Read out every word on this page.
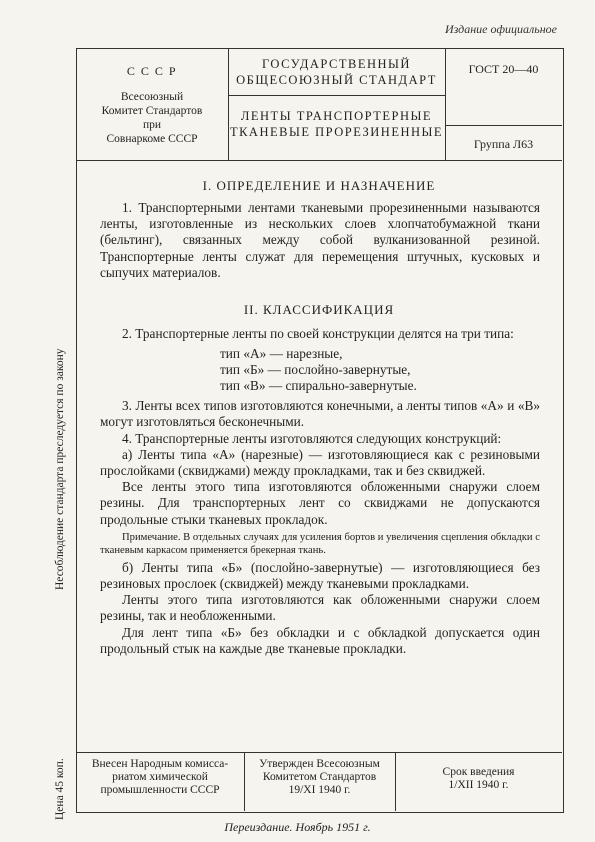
Издание официальное
С С С Р
Всесоюзный
Комитет Стандартов
при
Совнаркоме СССР
ГОСУДАРСТВЕННЫЙ
ОБЩЕСОЮЗНЫЙ СТАНДАРТ
ЛЕНТЫ ТРАНСПОРТЕРНЫЕ
ТКАНЕВЫЕ ПРОРЕЗИНЕННЫЕ
ГОСТ 20—40
Группа Л63
I. ОПРЕДЕЛЕНИЕ И НАЗНАЧЕНИЕ

1. Транспортерными лентами тканевыми прорезиненными называются ленты, изготовленные из нескольких слоев хлопчатобумажной ткани (бельтинг), связанных между собой вулканизованной резиной. Транспортерные ленты служат для перемещения штучных, кусковых и сыпучих материалов.

II. КЛАССИФИКАЦИЯ

2. Транспортерные ленты по своей конструкции делятся на три типа:

тип «А» — нарезные,
тип «Б» — послойно-завернутые,
тип «В» — спирально-завернутые.

3. Ленты всех типов изготовляются конечными, а ленты типов «А» и «В» могут изготовляться бесконечными.

4. Транспортерные ленты изготовляются следующих конструкций:

а) Ленты типа «А» (нарезные) — изготовляющиеся как с резиновыми прослойками (сквиджами) между прокладками, так и без сквиджей.

Все ленты этого типа изготовляются обложенными снаружи слоем резины. Для транспортерных лент со сквиджами не допускаются продольные стыки тканевых прокладок.

Примечание. В отдельных случаях для усиления бортов и увеличения сцепления обкладки с тканевым каркасом применяется брекерная ткань.

б) Ленты типа «Б» (послойно-завернутые) — изготовляющиеся без резиновых прослоек (сквиджей) между тканевыми прокладками.

Ленты этого типа изготовляются как обложенными снаружи слоем резины, так и необложенными.

Для лент типа «Б» без обкладки и с обкладкой допускается один продольный стык на каждые две тканевые прокладки.

Внесен Народным комисса-
риатом химической
промышленности СССР
Утвержден Всесоюзным
Комитетом Стандартов
19/XI 1940 г.
Срок введения
1/XII 1940 г.
Несоблюдение стандарта преследуется по закону
Цена 45 коп.
Переиздание. Ноябрь 1951 г.
